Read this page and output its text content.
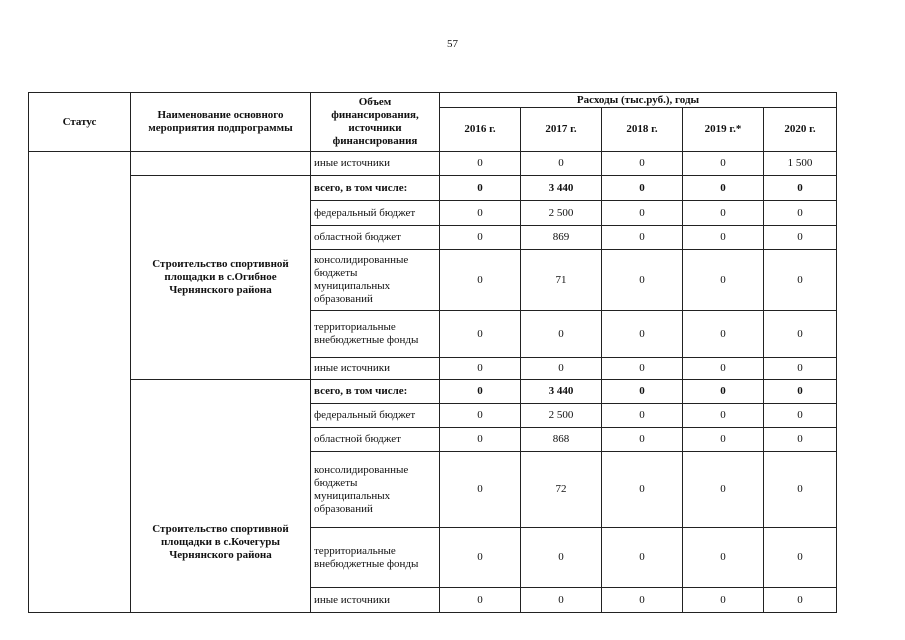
57
Статус	Наименование основного мероприятия подпрограммы	Объем финансирования, источники финансирования	Расходы (тыс.руб.), годы				
			2016 г.	2017 г.	2018 г.	2019 г.*	2020 г.
		иные источники	0	0	0	0	1 500
	Строительство спортивной площадки в с.Огибное Чернянского района	всего, в том числе:	0	3 440	0	0	0
		федеральный бюджет	0	2 500	0	0	0
		областной бюджет	0	869	0	0	0
		консолидированные бюджеты муниципальных образований	0	71	0	0	0
		территориальные внебюджетные фонды	0	0	0	0	0
		иные источники	0	0	0	0	0
	Строительство спортивной площадки в с.Кочегуры Чернянского района	всего, в том числе:	0	3 440	0	0	0
		федеральный бюджет	0	2 500	0	0	0
		областной бюджет	0	868	0	0	0
		консолидированные бюджеты муниципальных образований	0	72	0	0	0
		территориальные внебюджетные фонды	0	0	0	0	0
		иные источники	0	0	0	0	0
